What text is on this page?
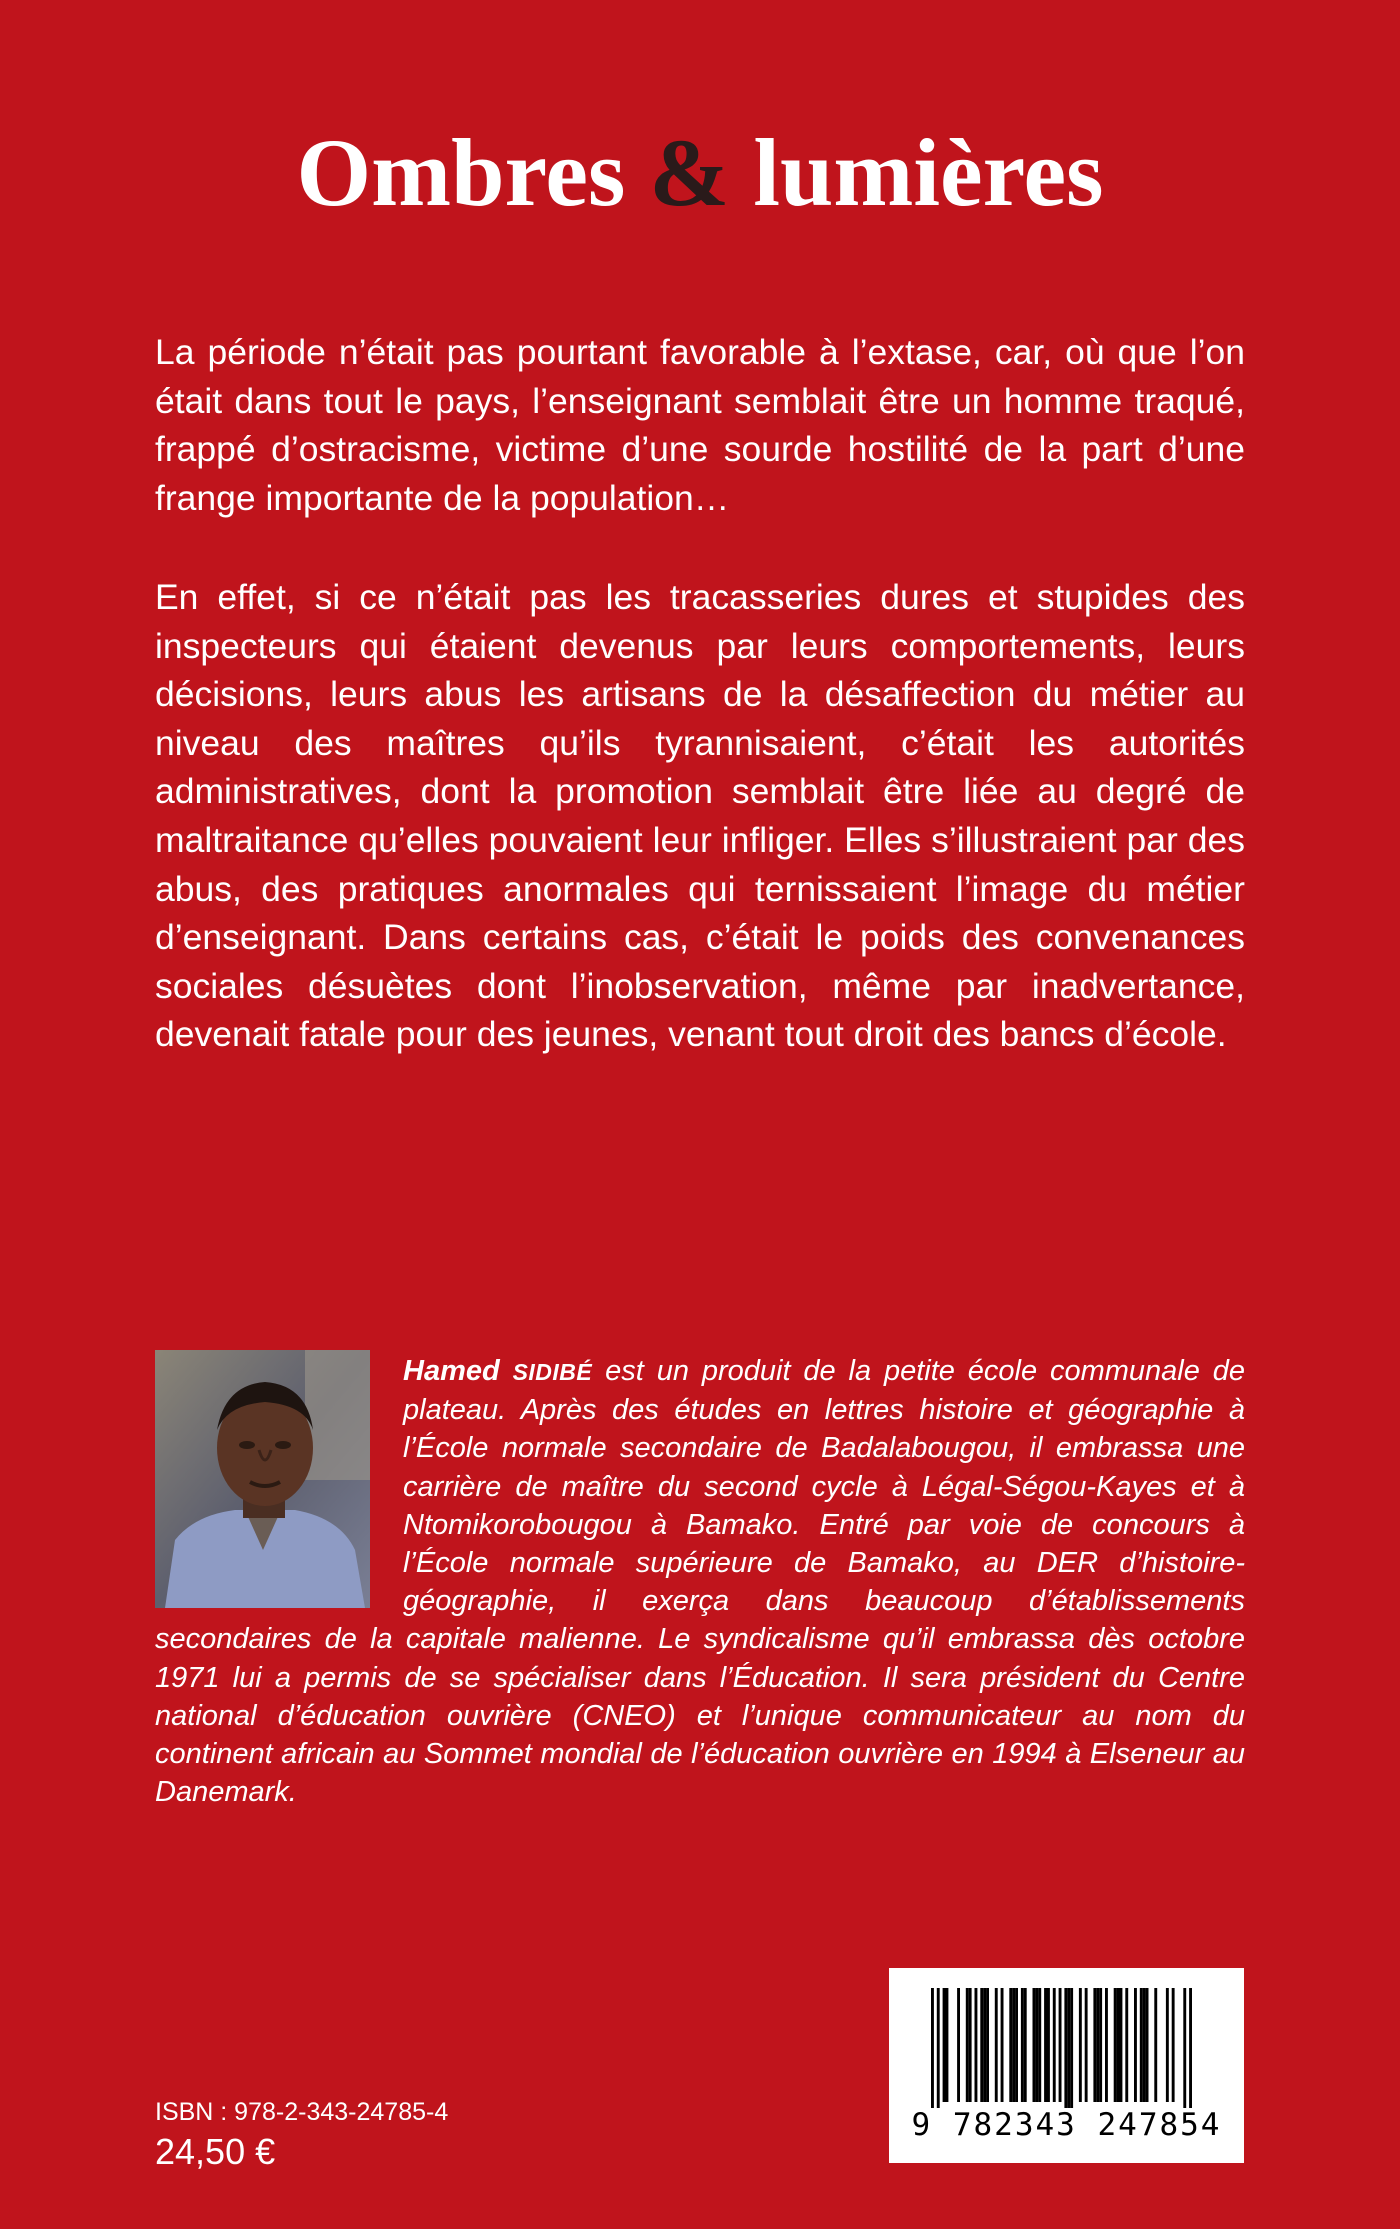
Ombres & lumières

La période n’était pas pourtant favorable à l’extase, car, où que l’on était dans tout le pays, l’enseignant semblait être un homme traqué, frappé d’ostracisme, victime d’une sourde hostilité de la part d’une frange importante de la population…

En effet, si ce n’était pas les tracasseries dures et stupides des inspecteurs qui étaient devenus par leurs comportements, leurs décisions, leurs abus les artisans de la désaffection du métier au niveau des maîtres qu’ils tyrannisaient, c’était les autorités administratives, dont la promotion semblait être liée au degré de maltraitance qu’elles pouvaient leur infliger. Elles s’illustraient par des abus, des pratiques anormales qui ternissaient l’image du métier d’enseignant. Dans certains cas, c’était le poids des convenances sociales désuètes dont l’inobservation, même par inadvertance, devenait fatale pour des jeunes, venant tout droit des bancs d’école.

Hamed SIDIBÉ est un produit de la petite école communale de plateau. Après des études en lettres histoire et géographie à l’École normale secondaire de Badalabougou, il embrassa une carrière de maître du second cycle à Légal-Ségou-Kayes et à Ntomikorobougou à Bamako. Entré par voie de concours à l’École normale supérieure de Bamako, au DER d’histoire-géographie, il exerça dans beaucoup d’établissements secondaires de la capitale malienne. Le syndicalisme qu’il embrassa dès octobre 1971 lui a permis de se spécialiser dans l’Éducation. Il sera président du Centre national d’éducation ouvrière (CNEO) et l’unique communicateur au nom du continent africain au Sommet mondial de l’éducation ouvrière en 1994 à Elseneur au Danemark.
ISBN : 978-2-343-24785-4
24,50 €
9 782343 247854
